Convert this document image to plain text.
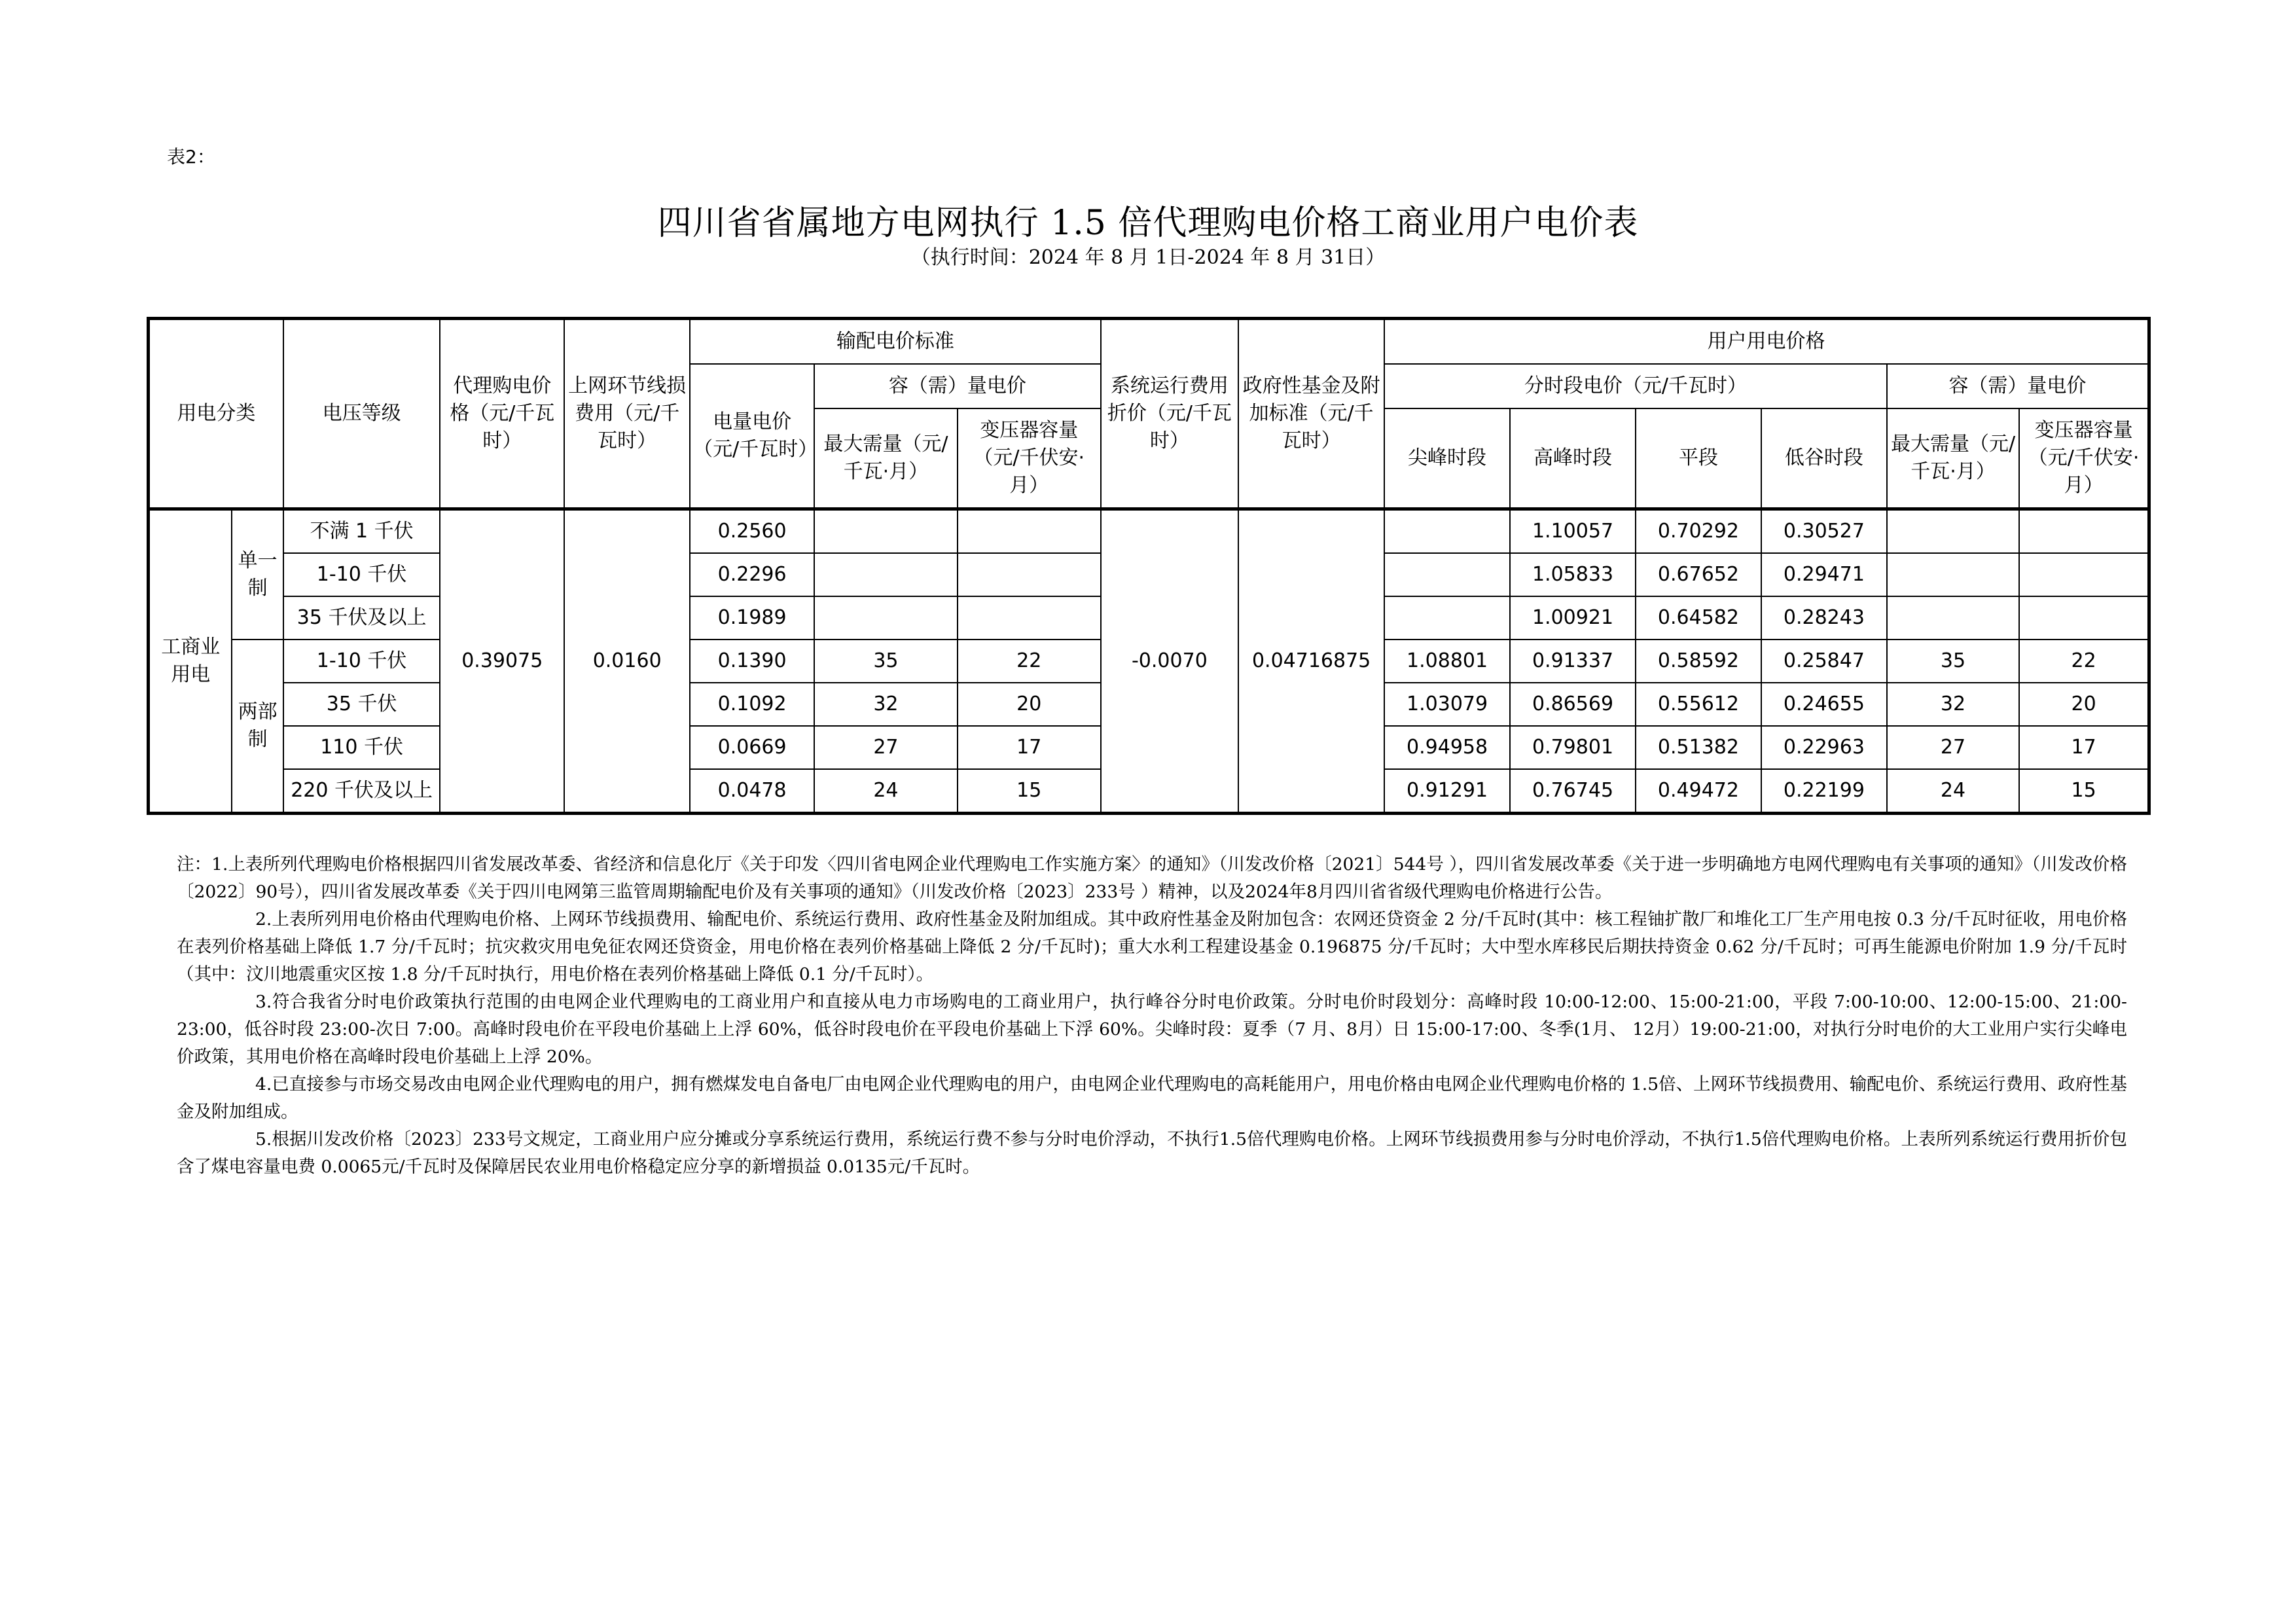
表2：
四川省省属地方电网执行 1.5 倍代理购电价格工商业用户电价表
（执行时间：2024 年 8 月 1日-2024 年 8 月 31日）
用电分类		电压等级	代理购电价格（元/千瓦时）	上网环节线损费用（元/千瓦时）	输配电价标准			系统运行费用折价（元/千瓦时）	政府性基金及附加标准（元/千瓦时）	用户用电价格					
					电量电价（元/千瓦时）	容（需）量电价				分时段电价（元/千瓦时）				容（需）量电价	
						最大需量（元/千瓦·月）	变压器容量（元/千伏安·月）			尖峰时段	高峰时段	平段	低谷时段	最大需量（元/千瓦·月）	变压器容量（元/千伏安·月）
工商业用电	单一制	不满 1 千伏	0.39075	0.0160	0.2560			-0.0070	0.04716875		1.10057	0.70292	0.30527		
		1-10 千伏			0.2296						1.05833	0.67652	0.29471		
		35 千伏及以上			0.1989						1.00921	0.64582	0.28243		
	两部制	1-10 千伏			0.1390	35	22			1.08801	0.91337	0.58592	0.25847	35	22
		35 千伏			0.1092	32	20			1.03079	0.86569	0.55612	0.24655	32	20
		110 千伏			0.0669	27	17			0.94958	0.79801	0.51382	0.22963	27	17
		220 千伏及以上			0.0478	24	15			0.91291	0.76745	0.49472	0.22199	24	15

注：1.上表所列代理购电价格根据四川省发展改革委、省经济和信息化厅《关于印发〈四川省电网企业代理购电工作实施方案〉的通知》（川发改价格〔2021〕544号 ），四川省发展改革委《关于进一步明确地方电网代理购电有关事项的通知》（川发改价格〔2022〕90号），四川省发展改革委《关于四川电网第三监管周期输配电价及有关事项的通知》（川发改价格〔2023〕233号 ）精神，以及2024年8月四川省省级代理购电价格进行公告。

2.上表所列用电价格由代理购电价格、上网环节线损费用、输配电价、系统运行费用、政府性基金及附加组成。其中政府性基金及附加包含：农网还贷资金 2 分/千瓦时(其中：核工程铀扩散厂和堆化工厂生产用电按 0.3 分/千瓦时征收，用电价格在表列价格基础上降低 1.7 分/千瓦时；抗灾救灾用电免征农网还贷资金，用电价格在表列价格基础上降低 2 分/千瓦时)；重大水利工程建设基金 0.196875 分/千瓦时；大中型水库移民后期扶持资金 0.62 分/千瓦时；可再生能源电价附加 1.9 分/千瓦时（其中：汶川地震重灾区按 1.8 分/千瓦时执行，用电价格在表列价格基础上降低 0.1 分/千瓦时）。

3.符合我省分时电价政策执行范围的由电网企业代理购电的工商业用户和直接从电力市场购电的工商业用户，执行峰谷分时电价政策。分时电价时段划分：高峰时段 10:00-12:00、15:00-21:00，平段 7:00-10:00、12:00-15:00、21:00-23:00，低谷时段 23:00-次日 7:00。高峰时段电价在平段电价基础上上浮 60%，低谷时段电价在平段电价基础上下浮 60%。尖峰时段：夏季（7 月、8月）日 15:00-17:00、冬季(1月、 12月）19:00-21:00，对执行分时电价的大工业用户实行尖峰电价政策，其用电价格在高峰时段电价基础上上浮 20%。

4.已直接参与市场交易改由电网企业代理购电的用户，拥有燃煤发电自备电厂由电网企业代理购电的用户，由电网企业代理购电的高耗能用户，用电价格由电网企业代理购电价格的 1.5倍、上网环节线损费用、输配电价、系统运行费用、政府性基金及附加组成。

5.根据川发改价格〔2023〕233号文规定，工商业用户应分摊或分享系统运行费用，系统运行费不参与分时电价浮动，不执行1.5倍代理购电价格。上网环节线损费用参与分时电价浮动，不执行1.5倍代理购电价格。上表所列系统运行费用折价包含了煤电容量电费 0.0065元/千瓦时及保障居民农业用电价格稳定应分享的新增损益 0.0135元/千瓦时。
